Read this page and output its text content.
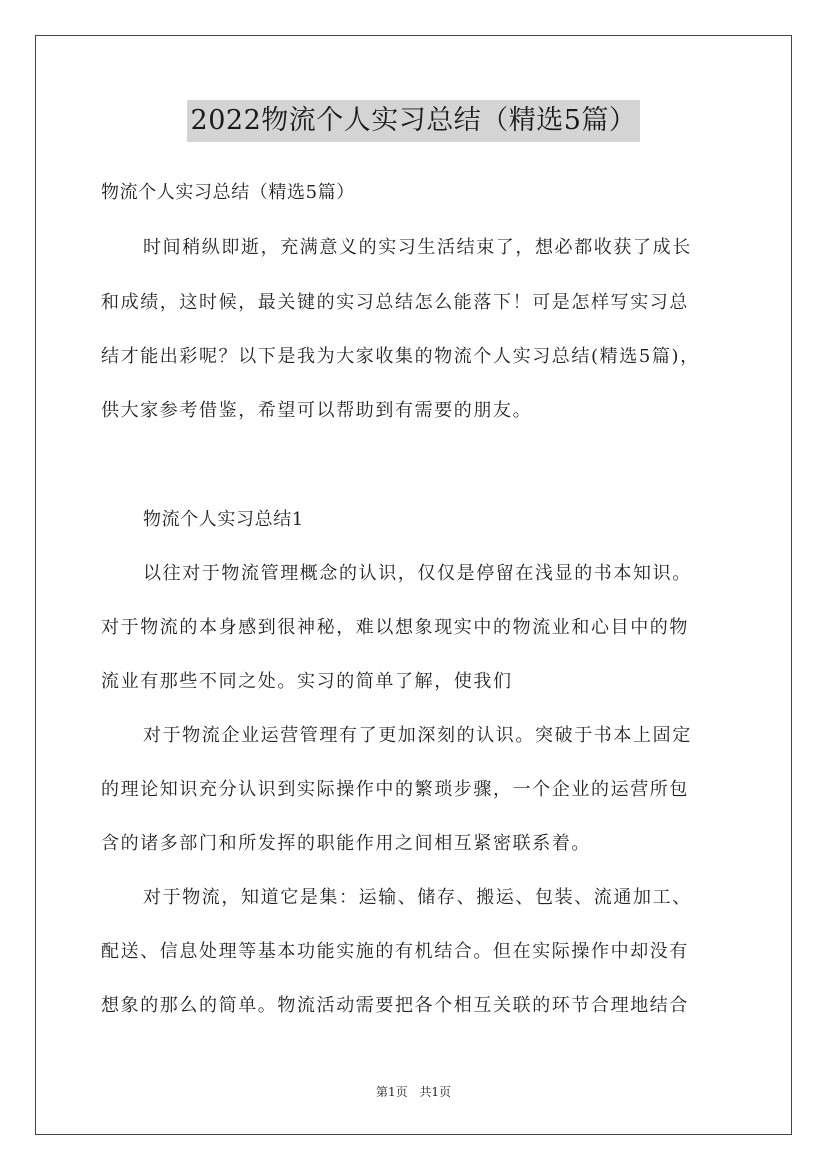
2022物流个人实习总结（精选5篇）
物流个人实习总结（精选5篇）
时间稍纵即逝，充满意义的实习生活结束了，想必都收获了成长
和成绩，这时候，最关键的实习总结怎么能落下！可是怎样写实习总
结才能出彩呢？以下是我为大家收集的物流个人实习总结(精选5篇)，
供大家参考借鉴，希望可以帮助到有需要的朋友。
物流个人实习总结1
以往对于物流管理概念的认识，仅仅是停留在浅显的书本知识。
对于物流的本身感到很神秘，难以想象现实中的物流业和心目中的物
流业有那些不同之处。实习的简单了解，使我们
对于物流企业运营管理有了更加深刻的认识。突破于书本上固定
的理论知识充分认识到实际操作中的繁琐步骤，一个企业的运营所包
含的诸多部门和所发挥的职能作用之间相互紧密联系着。
对于物流，知道它是集：运输、储存、搬运、包装、流通加工、
配送、信息处理等基本功能实施的有机结合。但在实际操作中却没有
想象的那么的简单。物流活动需要把各个相互关联的环节合理地结合
第1页 共1页
